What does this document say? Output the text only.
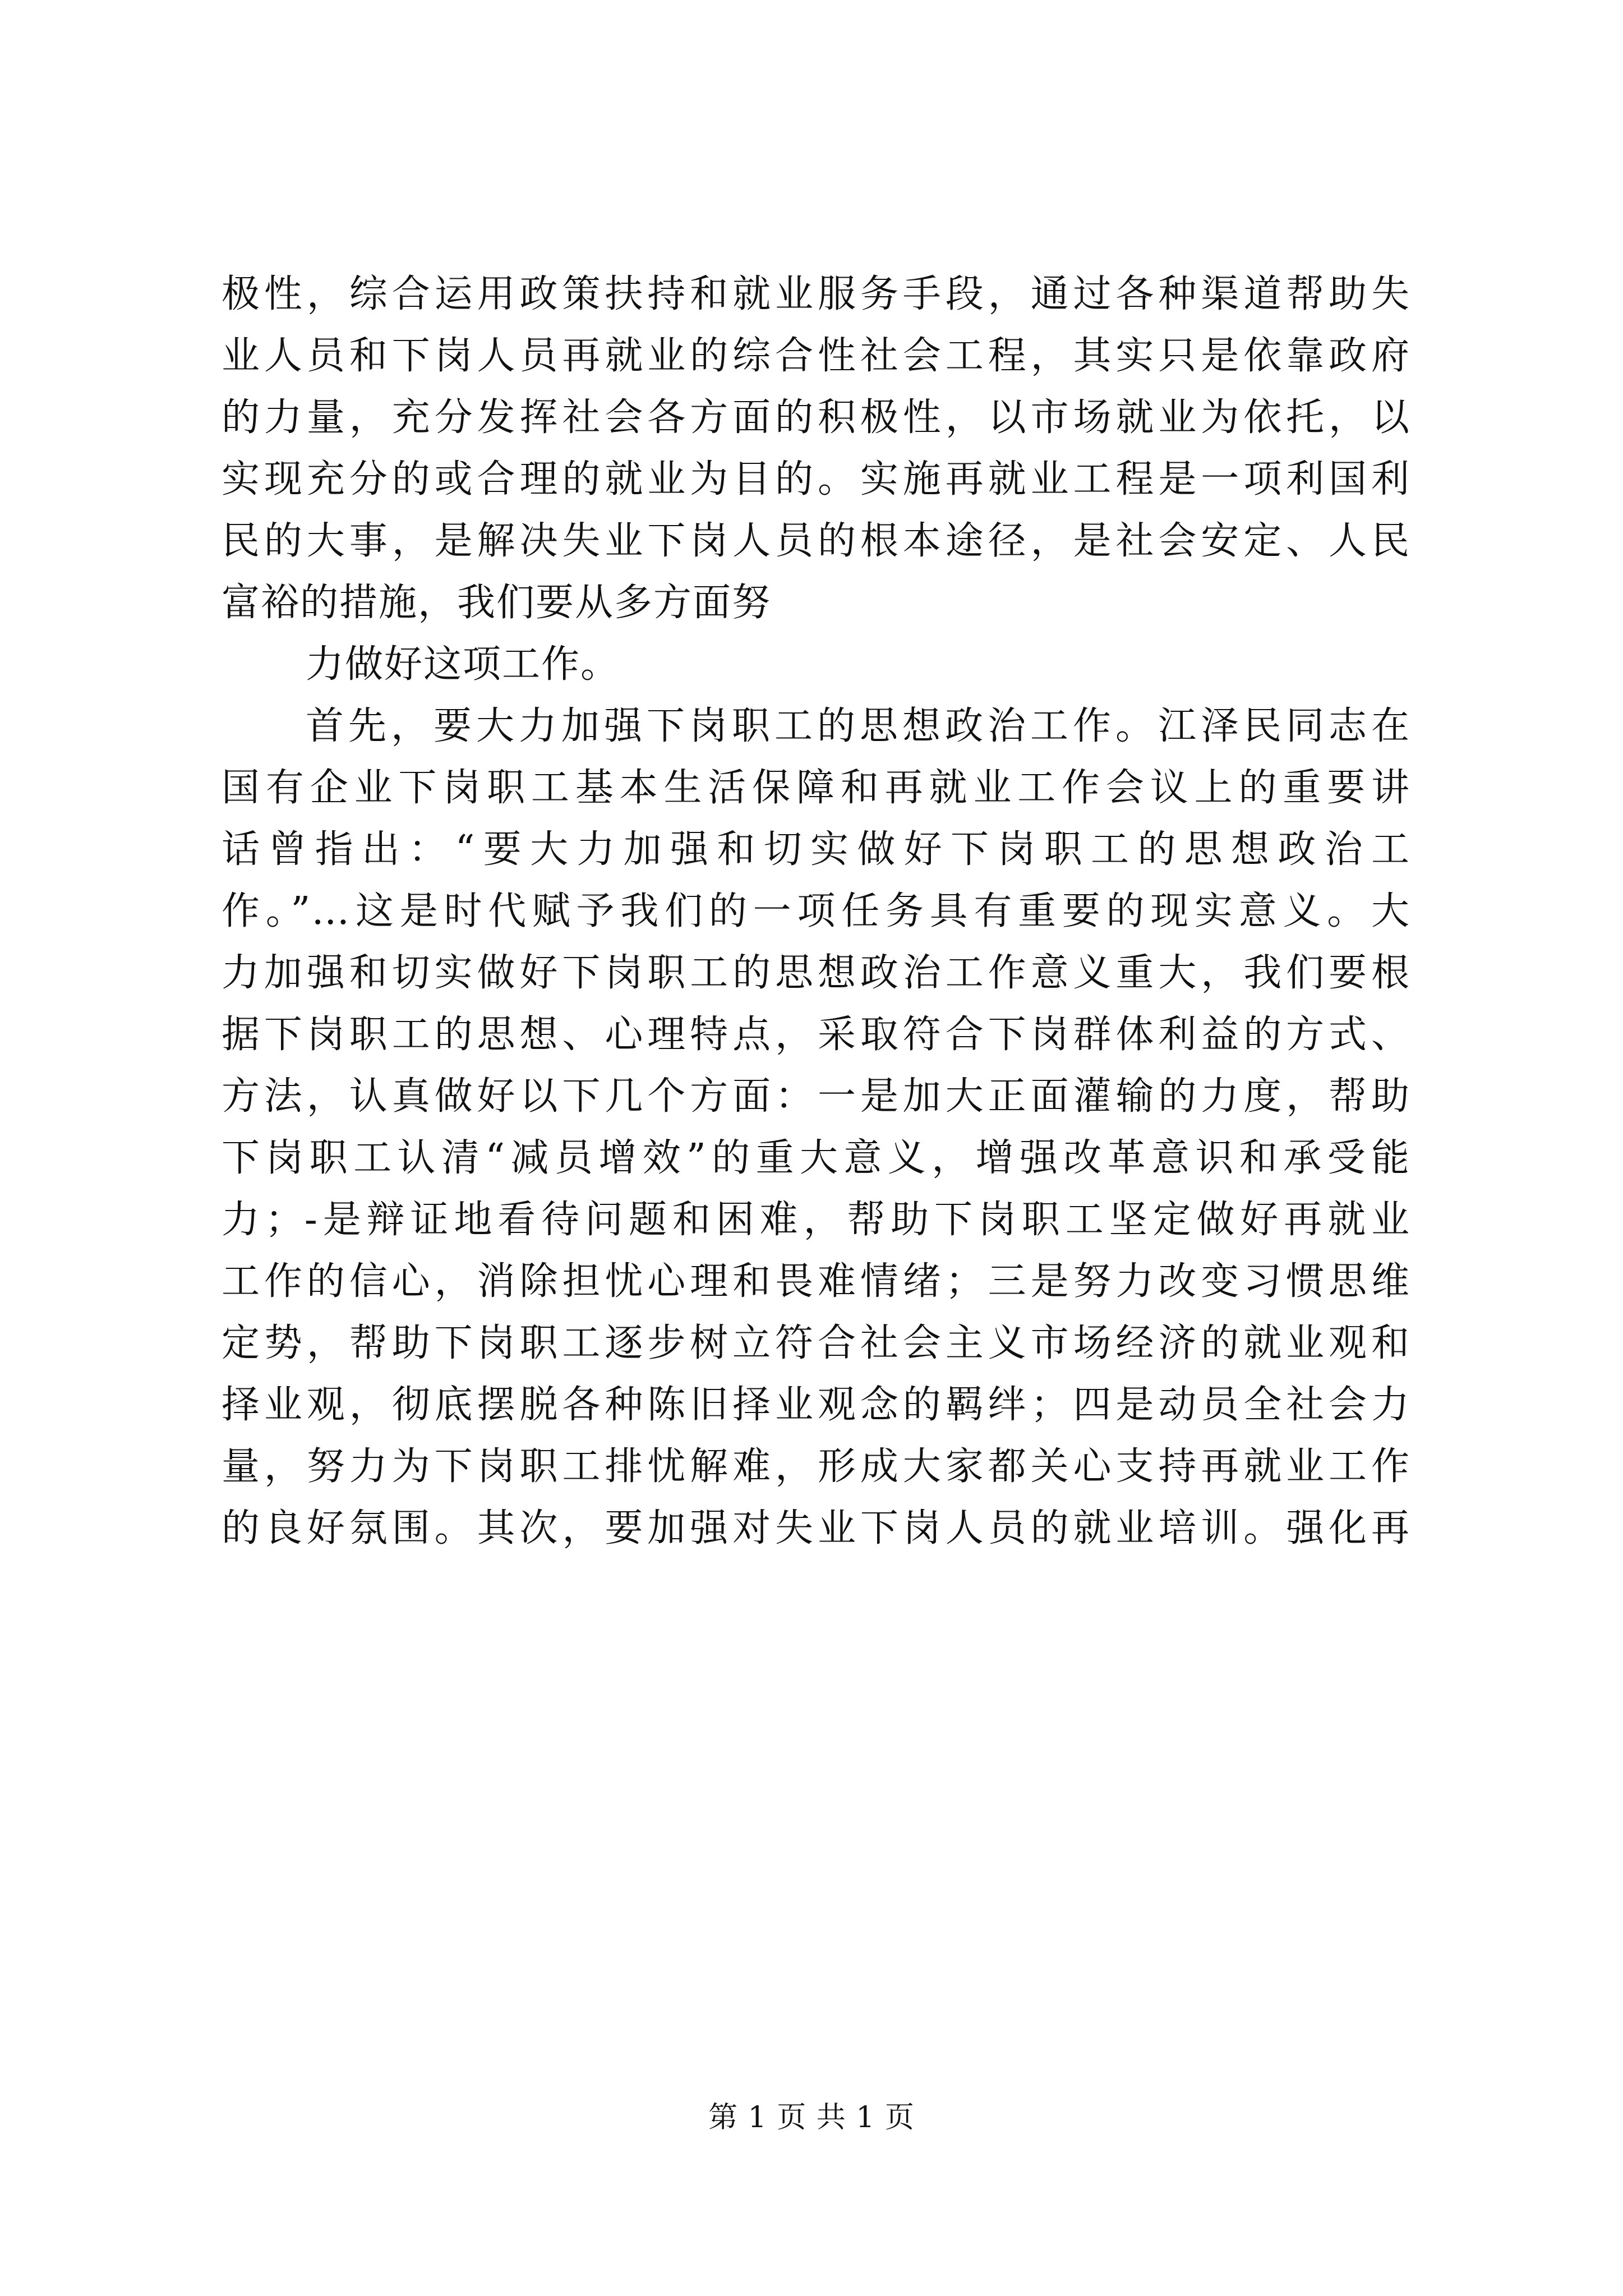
极性，综合运用政策扶持和就业服务手段，通过各种渠道帮助失
业人员和下岗人员再就业的综合性社会工程，其实只是依靠政府
的力量，充分发挥社会各方面的积极性，以市场就业为依托，以
实现充分的或合理的就业为目的。实施再就业工程是一项利国利
民的大事，是解决失业下岗人员的根本途径，是社会安定、人民
富裕的措施，我们要从多方面努
力做好这项工作。
首先，要大力加强下岗职工的思想政治工作。江泽民同志在
国有企业下岗职工基本生活保障和再就业工作会议上的重要讲
话曾指出：“要大力加强和切实做好下岗职工的思想政治工
作。”…这是时代赋予我们的一项任务具有重要的现实意义。大
力加强和切实做好下岗职工的思想政治工作意义重大，我们要根
据下岗职工的思想、心理特点，采取符合下岗群体利益的方式、
方法，认真做好以下几个方面：一是加大正面灌输的力度，帮助
下岗职工认清“减员增效”的重大意义，增强改革意识和承受能
力；-是辩证地看待问题和困难，帮助下岗职工坚定做好再就业
工作的信心，消除担忧心理和畏难情绪；三是努力改变习惯思维
定势，帮助下岗职工逐步树立符合社会主义市场经济的就业观和
择业观，彻底摆脱各种陈旧择业观念的羁绊；四是动员全社会力
量，努力为下岗职工排忧解难，形成大家都关心支持再就业工作
的良好氛围。其次，要加强对失业下岗人员的就业培训。强化再
第 1 页 共 1 页
